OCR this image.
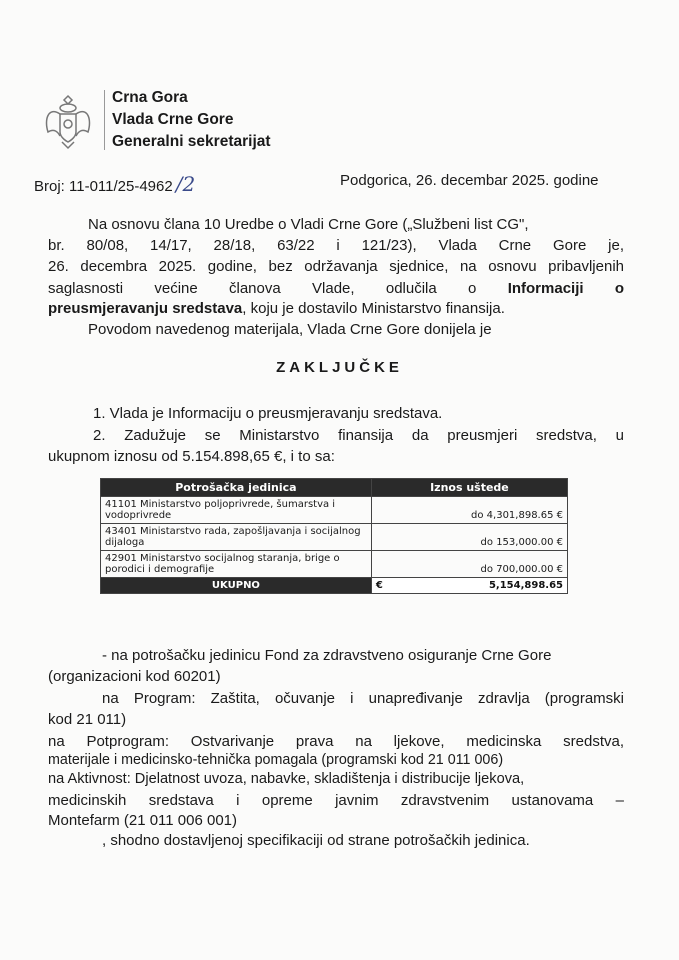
Crna Gora
Vlada Crne Gore
Generalni sekretarijat
Broj: 11-011/25-4962 /2	Podgorica, 26. decembar 2025. godine
Na osnovu člana 10 Uredbe o Vladi Crne Gore („Službeni list CG",
br. 80/08, 14/17, 28/18, 63/22 i 121/23), Vlada Crne Gore je,
26. decembra 2025. godine, bez održavanja sjednice, na osnovu pribavljenih
saglasnosti većine članova Vlade, odlučila o Informaciji o
preusmjeravanju sredstava, koju je dostavilo Ministarstvo finansija.
Povodom navedenog materijala, Vlada Crne Gore donijela je
ZAKLJUČKE
1. Vlada je Informaciju o preusmjeravanju sredstava.
2. Zadužuje se Ministarstvo finansija da preusmjeri sredstva, u
ukupnom iznosu od 5.154.898,65 €, i to sa:
Potrošačka jedinica	Iznos uštede
41101 Ministarstvo poljoprivrede, šumarstva i vodoprivrede	do 4,301,898.65 €
43401 Ministarstvo rada, zapošljavanja i socijalnog dijaloga	do 153,000.00 €
42901 Ministarstvo socijalnog staranja, brige o porodici i demografije	do 700,000.00 €
UKUPNO	€ 5,154,898.65
- na potrošačku jedinicu Fond za zdravstveno osiguranje Crne Gore
(organizacioni kod 60201)
na Program: Zaštita, očuvanje i unapređivanje zdravlja (programski
kod 21 011)
na Potprogram: Ostvarivanje prava na ljekove, medicinska sredstva,
materijale i medicinsko-tehnička pomagala (programski kod 21 011 006)
na Aktivnost: Djelatnost uvoza, nabavke, skladištenja i distribucije ljekova,
medicinskih sredstava i opreme javnim zdravstvenim ustanovama –
Montefarm (21 011 006 001)
, shodno dostavljenoj specifikaciji od strane potrošačkih jedinica.
